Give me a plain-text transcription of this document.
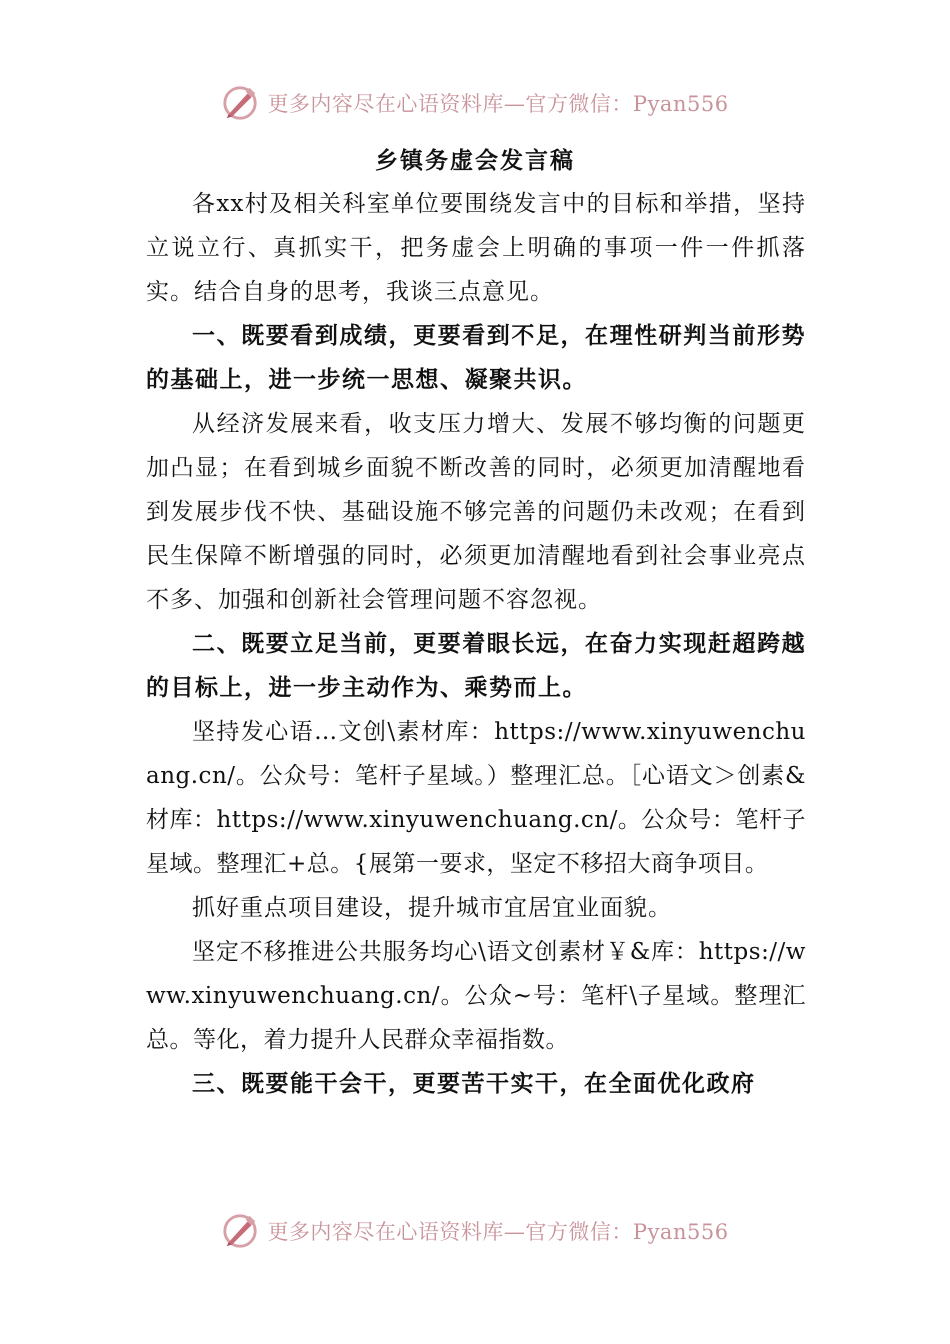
更多内容尽在心语资料库—官方微信：Pyan556
乡镇务虚会发言稿

各xx村及相关科室单位要围绕发言中的目标和举措，坚持立说立行、真抓实干，把务虚会上明确的事项一件一件抓落实。结合自身的思考，我谈三点意见。

一、既要看到成绩，更要看到不足，在理性研判当前形势的基础上，进一步统一思想、凝聚共识。

从经济发展来看，收支压力增大、发展不够均衡的问题更加凸显；在看到城乡面貌不断改善的同时，必须更加清醒地看到发展步伐不快、基础设施不够完善的问题仍未改观；在看到民生保障不断增强的同时，必须更加清醒地看到社会事业亮点不多、加强和创新社会管理问题不容忽视。

二、既要立足当前，更要着眼长远，在奋力实现赶超跨越的目标上，进一步主动作为、乘势而上。

坚持发心语…文创\素材库：https://www.xinyuwenchuang.cn/。公众号：笔杆子星域。）整理汇总。［心语文＞创素&材库：https://www.xinyuwenchuang.cn/。公众号：笔杆子星域。整理汇+总。{展第一要求，坚定不移招大商争项目。

抓好重点项目建设，提升城市宜居宜业面貌。

坚定不移推进公共服务均心\语文创素材￥&库：https://www.xinyuwenchuang.cn/。公众~号：笔杆\子星域。整理汇总。等化，着力提升人民群众幸福指数。

三、既要能干会干，更要苦干实干，在全面优化政府

更多内容尽在心语资料库—官方微信：Pyan556
